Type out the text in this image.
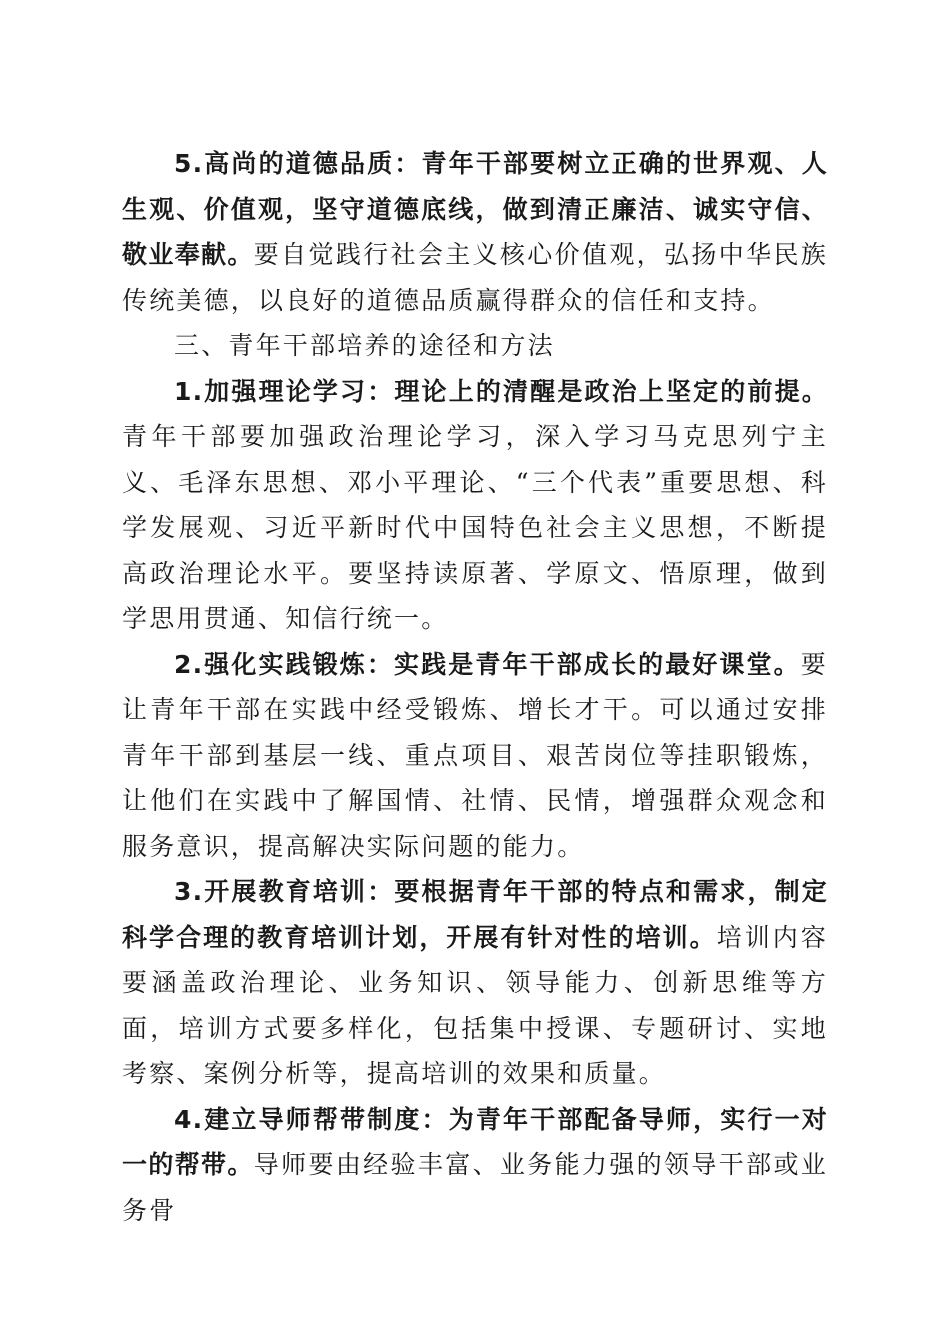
5.高尚的道德品质：青年干部要树立正确的世界观、人生观、价值观，坚守道德底线，做到清正廉洁、诚实守信、敬业奉献。要自觉践行社会主义核心价值观，弘扬中华民族传统美德，以良好的道德品质赢得群众的信任和支持。

三、青年干部培养的途径和方法

1.加强理论学习：理论上的清醒是政治上坚定的前提。青年干部要加强政治理论学习，深入学习马克思列宁主义、毛泽东思想、邓小平理论、“三个代表”重要思想、科学发展观、习近平新时代中国特色社会主义思想，不断提高政治理论水平。要坚持读原著、学原文、悟原理，做到学思用贯通、知信行统一。

2.强化实践锻炼：实践是青年干部成长的最好课堂。要让青年干部在实践中经受锻炼、增长才干。可以通过安排青年干部到基层一线、重点项目、艰苦岗位等挂职锻炼，让他们在实践中了解国情、社情、民情，增强群众观念和服务意识，提高解决实际问题的能力。

3.开展教育培训：要根据青年干部的特点和需求，制定科学合理的教育培训计划，开展有针对性的培训。培训内容要涵盖政治理论、业务知识、领导能力、创新思维等方面，培训方式要多样化，包括集中授课、专题研讨、实地考察、案例分析等，提高培训的效果和质量。

4.建立导师帮带制度：为青年干部配备导师，实行一对一的帮带。导师要由经验丰富、业务能力强的领导干部或业务骨
